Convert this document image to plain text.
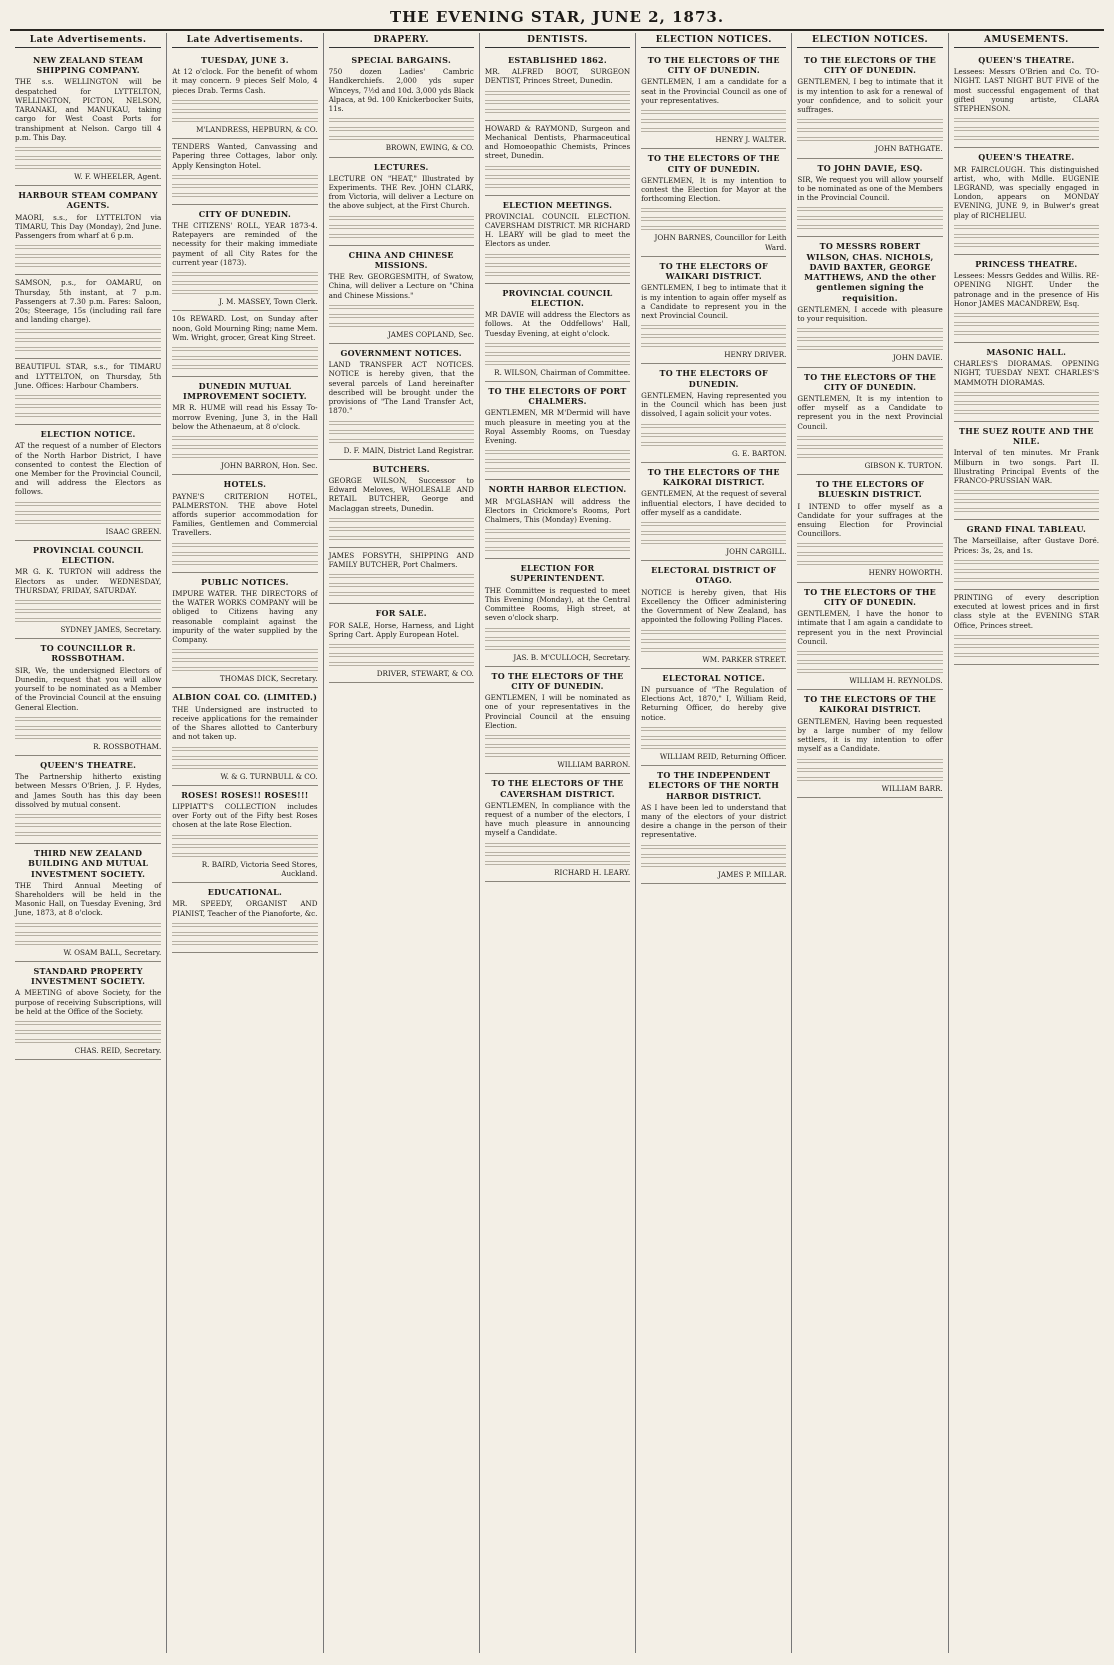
THE EVENING STAR, JUNE 2, 1873.
Late Advertisements.
NEW ZEALAND STEAM SHIPPING COMPANY.

THE s.s. WELLINGTON will be despatched for LYTTELTON, WELLINGTON, PICTON, NELSON, TARANAKI, and MANUKAU, taking cargo for West Coast Ports for transhipment at Nelson. Cargo till 4 p.m. This Day.

W. F. WHEELER, Agent.

HARBOUR STEAM COMPANY AGENTS.

MAORI, s.s., for LYTTELTON via TIMARU, This Day (Monday), 2nd June. Passengers from wharf at 6 p.m.

SAMSON, p.s., for OAMARU, on Thursday, 5th instant, at 7 p.m. Passengers at 7.30 p.m. Fares: Saloon, 20s; Steerage, 15s (including rail fare and landing charge).

BEAUTIFUL STAR, s.s., for TIMARU and LYTTELTON, on Thursday, 5th June. Offices: Harbour Chambers.

ELECTION NOTICE.

AT the request of a number of Electors of the North Harbor District, I have consented to contest the Election of one Member for the Provincial Council, and will address the Electors as follows.

ISAAC GREEN.

PROVINCIAL COUNCIL ELECTION.

MR G. K. TURTON will address the Electors as under. WEDNESDAY, THURSDAY, FRIDAY, SATURDAY.

SYDNEY JAMES, Secretary.

TO COUNCILLOR R. ROSSBOTHAM.

SIR, We, the undersigned Electors of Dunedin, request that you will allow yourself to be nominated as a Member of the Provincial Council at the ensuing General Election.

R. ROSSBOTHAM.

QUEEN'S THEATRE.

The Partnership hitherto existing between Messrs O'Brien, J. F. Hydes, and James South has this day been dissolved by mutual consent.

THIRD NEW ZEALAND BUILDING AND MUTUAL INVESTMENT SOCIETY.

THE Third Annual Meeting of Shareholders will be held in the Masonic Hall, on Tuesday Evening, 3rd June, 1873, at 8 o'clock.

W. OSAM BALL, Secretary.

STANDARD PROPERTY INVESTMENT SOCIETY.

A MEETING of above Society, for the purpose of receiving Subscriptions, will be held at the Office of the Society.

CHAS. REID, Secretary.

Late Advertisements.
TUESDAY, JUNE 3.

At 12 o'clock. For the benefit of whom it may concern. 9 pieces Self Molo, 4 pieces Drab. Terms Cash.

M'LANDRESS, HEPBURN, & CO.

TENDERS Wanted, Canvassing and Papering three Cottages, labor only. Apply Kensington Hotel.

CITY OF DUNEDIN.

THE CITIZENS' ROLL, YEAR 1873-4. Ratepayers are reminded of the necessity for their making immediate payment of all City Rates for the current year (1873).

J. M. MASSEY, Town Clerk.

10s REWARD. Lost, on Sunday after noon, Gold Mourning Ring; name Mem. Wm. Wright, grocer, Great King Street.

DUNEDIN MUTUAL IMPROVEMENT SOCIETY.

MR R. HUME will read his Essay To-morrow Evening, June 3, in the Hall below the Athenaeum, at 8 o'clock.

JOHN BARRON, Hon. Sec.

HOTELS.

PAYNE'S CRITERION HOTEL, PALMERSTON. THE above Hotel affords superior accommodation for Families, Gentlemen and Commercial Travellers.

PUBLIC NOTICES.

IMPURE WATER. THE DIRECTORS of the WATER WORKS COMPANY will be obliged to Citizens having any reasonable complaint against the impurity of the water supplied by the Company.

THOMAS DICK, Secretary.

ALBION COAL CO. (LIMITED.)

THE Undersigned are instructed to receive applications for the remainder of the Shares allotted to Canterbury and not taken up.

W. & G. TURNBULL & CO.

ROSES! ROSES!! ROSES!!!

LIPPIATT'S COLLECTION includes over Forty out of the Fifty best Roses chosen at the late Rose Election.

R. BAIRD, Victoria Seed Stores, Auckland.

EDUCATIONAL.

MR. SPEEDY, ORGANIST AND PIANIST, Teacher of the Pianoforte, &c.

DRAPERY.
SPECIAL BARGAINS.

750 dozen Ladies' Cambric Handkerchiefs. 2,000 yds super Winceys, 7½d and 10d. 3,000 yds Black Alpaca, at 9d. 100 Knickerbocker Suits, 11s.

BROWN, EWING, & CO.

LECTURES.

LECTURE ON "HEAT," Illustrated by Experiments. THE Rev. JOHN CLARK, from Victoria, will deliver a Lecture on the above subject, at the First Church.

CHINA AND CHINESE MISSIONS.

THE Rev. GEORGESMITH, of Swatow, China, will deliver a Lecture on "China and Chinese Missions."

JAMES COPLAND, Sec.

GOVERNMENT NOTICES.

LAND TRANSFER ACT NOTICES. NOTICE is hereby given, that the several parcels of Land hereinafter described will be brought under the provisions of "The Land Transfer Act, 1870."

D. F. MAIN, District Land Registrar.

BUTCHERS.

GEORGE WILSON, Successor to Edward Meloves, WHOLESALE AND RETAIL BUTCHER, George and Maclaggan streets, Dunedin.

JAMES FORSYTH, SHIPPING AND FAMILY BUTCHER, Port Chalmers.

FOR SALE.

FOR SALE, Horse, Harness, and Light Spring Cart. Apply European Hotel.

DRIVER, STEWART, & CO.

DENTISTS.
ESTABLISHED 1862.

MR. ALFRED BOOT, SURGEON DENTIST, Princes Street, Dunedin.

HOWARD & RAYMOND, Surgeon and Mechanical Dentists, Pharmaceutical and Homoeopathic Chemists, Princes street, Dunedin.

ELECTION MEETINGS.

PROVINCIAL COUNCIL ELECTION. CAVERSHAM DISTRICT. MR RICHARD H. LEARY will be glad to meet the Electors as under.

PROVINCIAL COUNCIL ELECTION.

MR DAVIE will address the Electors as follows. At the Oddfellows' Hall, Tuesday Evening, at eight o'clock.

R. WILSON, Chairman of Committee.

TO THE ELECTORS OF PORT CHALMERS.

GENTLEMEN, MR M'Dermid will have much pleasure in meeting you at the Royal Assembly Rooms, on Tuesday Evening.

NORTH HARBOR ELECTION.

MR M'GLASHAN will address the Electors in Crickmore's Rooms, Port Chalmers, This (Monday) Evening.

ELECTION FOR SUPERINTENDENT.

THE Committee is requested to meet This Evening (Monday), at the Central Committee Rooms, High street, at seven o'clock sharp.

JAS. B. M'CULLOCH, Secretary.

TO THE ELECTORS OF THE CITY OF DUNEDIN.

GENTLEMEN, I will be nominated as one of your representatives in the Provincial Council at the ensuing Election.

WILLIAM BARRON.

TO THE ELECTORS OF THE CAVERSHAM DISTRICT.

GENTLEMEN, In compliance with the request of a number of the electors, I have much pleasure in announcing myself a Candidate.

RICHARD H. LEARY.

ELECTION NOTICES.
TO THE ELECTORS OF THE CITY OF DUNEDIN.

GENTLEMEN, I am a candidate for a seat in the Provincial Council as one of your representatives.

HENRY J. WALTER.

TO THE ELECTORS OF THE CITY OF DUNEDIN.

GENTLEMEN, It is my intention to contest the Election for Mayor at the forthcoming Election.

JOHN BARNES, Councillor for Leith Ward.

TO THE ELECTORS OF WAIKARI DISTRICT.

GENTLEMEN, I beg to intimate that it is my intention to again offer myself as a Candidate to represent you in the next Provincial Council.

HENRY DRIVER.

TO THE ELECTORS OF DUNEDIN.

GENTLEMEN, Having represented you in the Council which has been just dissolved, I again solicit your votes.

G. E. BARTON.

TO THE ELECTORS OF THE KAIKORAI DISTRICT.

GENTLEMEN, At the request of several influential electors, I have decided to offer myself as a candidate.

JOHN CARGILL.

ELECTORAL DISTRICT OF OTAGO.

NOTICE is hereby given, that His Excellency the Officer administering the Government of New Zealand, has appointed the following Polling Places.

WM. PARKER STREET.

ELECTORAL NOTICE.

IN pursuance of "The Regulation of Elections Act, 1870," I, William Reid, Returning Officer, do hereby give notice.

WILLIAM REID, Returning Officer.

TO THE INDEPENDENT ELECTORS OF THE NORTH HARBOR DISTRICT.

AS I have been led to understand that many of the electors of your district desire a change in the person of their representative.

JAMES P. MILLAR.

ELECTION NOTICES.
TO THE ELECTORS OF THE CITY OF DUNEDIN.

GENTLEMEN, I beg to intimate that it is my intention to ask for a renewal of your confidence, and to solicit your suffrages.

JOHN BATHGATE.

TO JOHN DAVIE, ESQ.

SIR, We request you will allow yourself to be nominated as one of the Members in the Provincial Council.

TO MESSRS ROBERT WILSON, CHAS. NICHOLS, DAVID BAXTER, GEORGE MATTHEWS, AND the other gentlemen signing the requisition.

GENTLEMEN, I accede with pleasure to your requisition.

JOHN DAVIE.

TO THE ELECTORS OF THE CITY OF DUNEDIN.

GENTLEMEN, It is my intention to offer myself as a Candidate to represent you in the next Provincial Council.

GIBSON K. TURTON.

TO THE ELECTORS OF BLUESKIN DISTRICT.

I INTEND to offer myself as a Candidate for your suffrages at the ensuing Election for Provincial Councillors.

HENRY HOWORTH.

TO THE ELECTORS OF THE CITY OF DUNEDIN.

GENTLEMEN, I have the honor to intimate that I am again a candidate to represent you in the next Provincial Council.

WILLIAM H. REYNOLDS.

TO THE ELECTORS OF THE KAIKORAI DISTRICT.

GENTLEMEN, Having been requested by a large number of my fellow settlers, it is my intention to offer myself as a Candidate.

WILLIAM BARR.

AMUSEMENTS.
QUEEN'S THEATRE.

Lessees: Messrs O'Brien and Co. TO-NIGHT. LAST NIGHT BUT FIVE of the most successful engagement of that gifted young artiste, CLARA STEPHENSON.

QUEEN'S THEATRE.

MR FAIRCLOUGH. This distinguished artist, who, with Mdlle. EUGENIE LEGRAND, was specially engaged in London, appears on MONDAY EVENING, JUNE 9, in Bulwer's great play of RICHELIEU.

PRINCESS THEATRE.

Lessees: Messrs Geddes and Willis. RE-OPENING NIGHT. Under the patronage and in the presence of His Honor JAMES MACANDREW, Esq.

MASONIC HALL.

CHARLES'S DIORAMAS. OPENING NIGHT, TUESDAY NEXT. CHARLES'S MAMMOTH DIORAMAS.

THE SUEZ ROUTE AND THE NILE.

Interval of ten minutes. Mr Frank Milburn in two songs. Part II. Illustrating Principal Events of the FRANCO-PRUSSIAN WAR.

GRAND FINAL TABLEAU.

The Marseillaise, after Gustave Doré. Prices: 3s, 2s, and 1s.

PRINTING of every description executed at lowest prices and in first class style at the EVENING STAR Office, Princes street.
